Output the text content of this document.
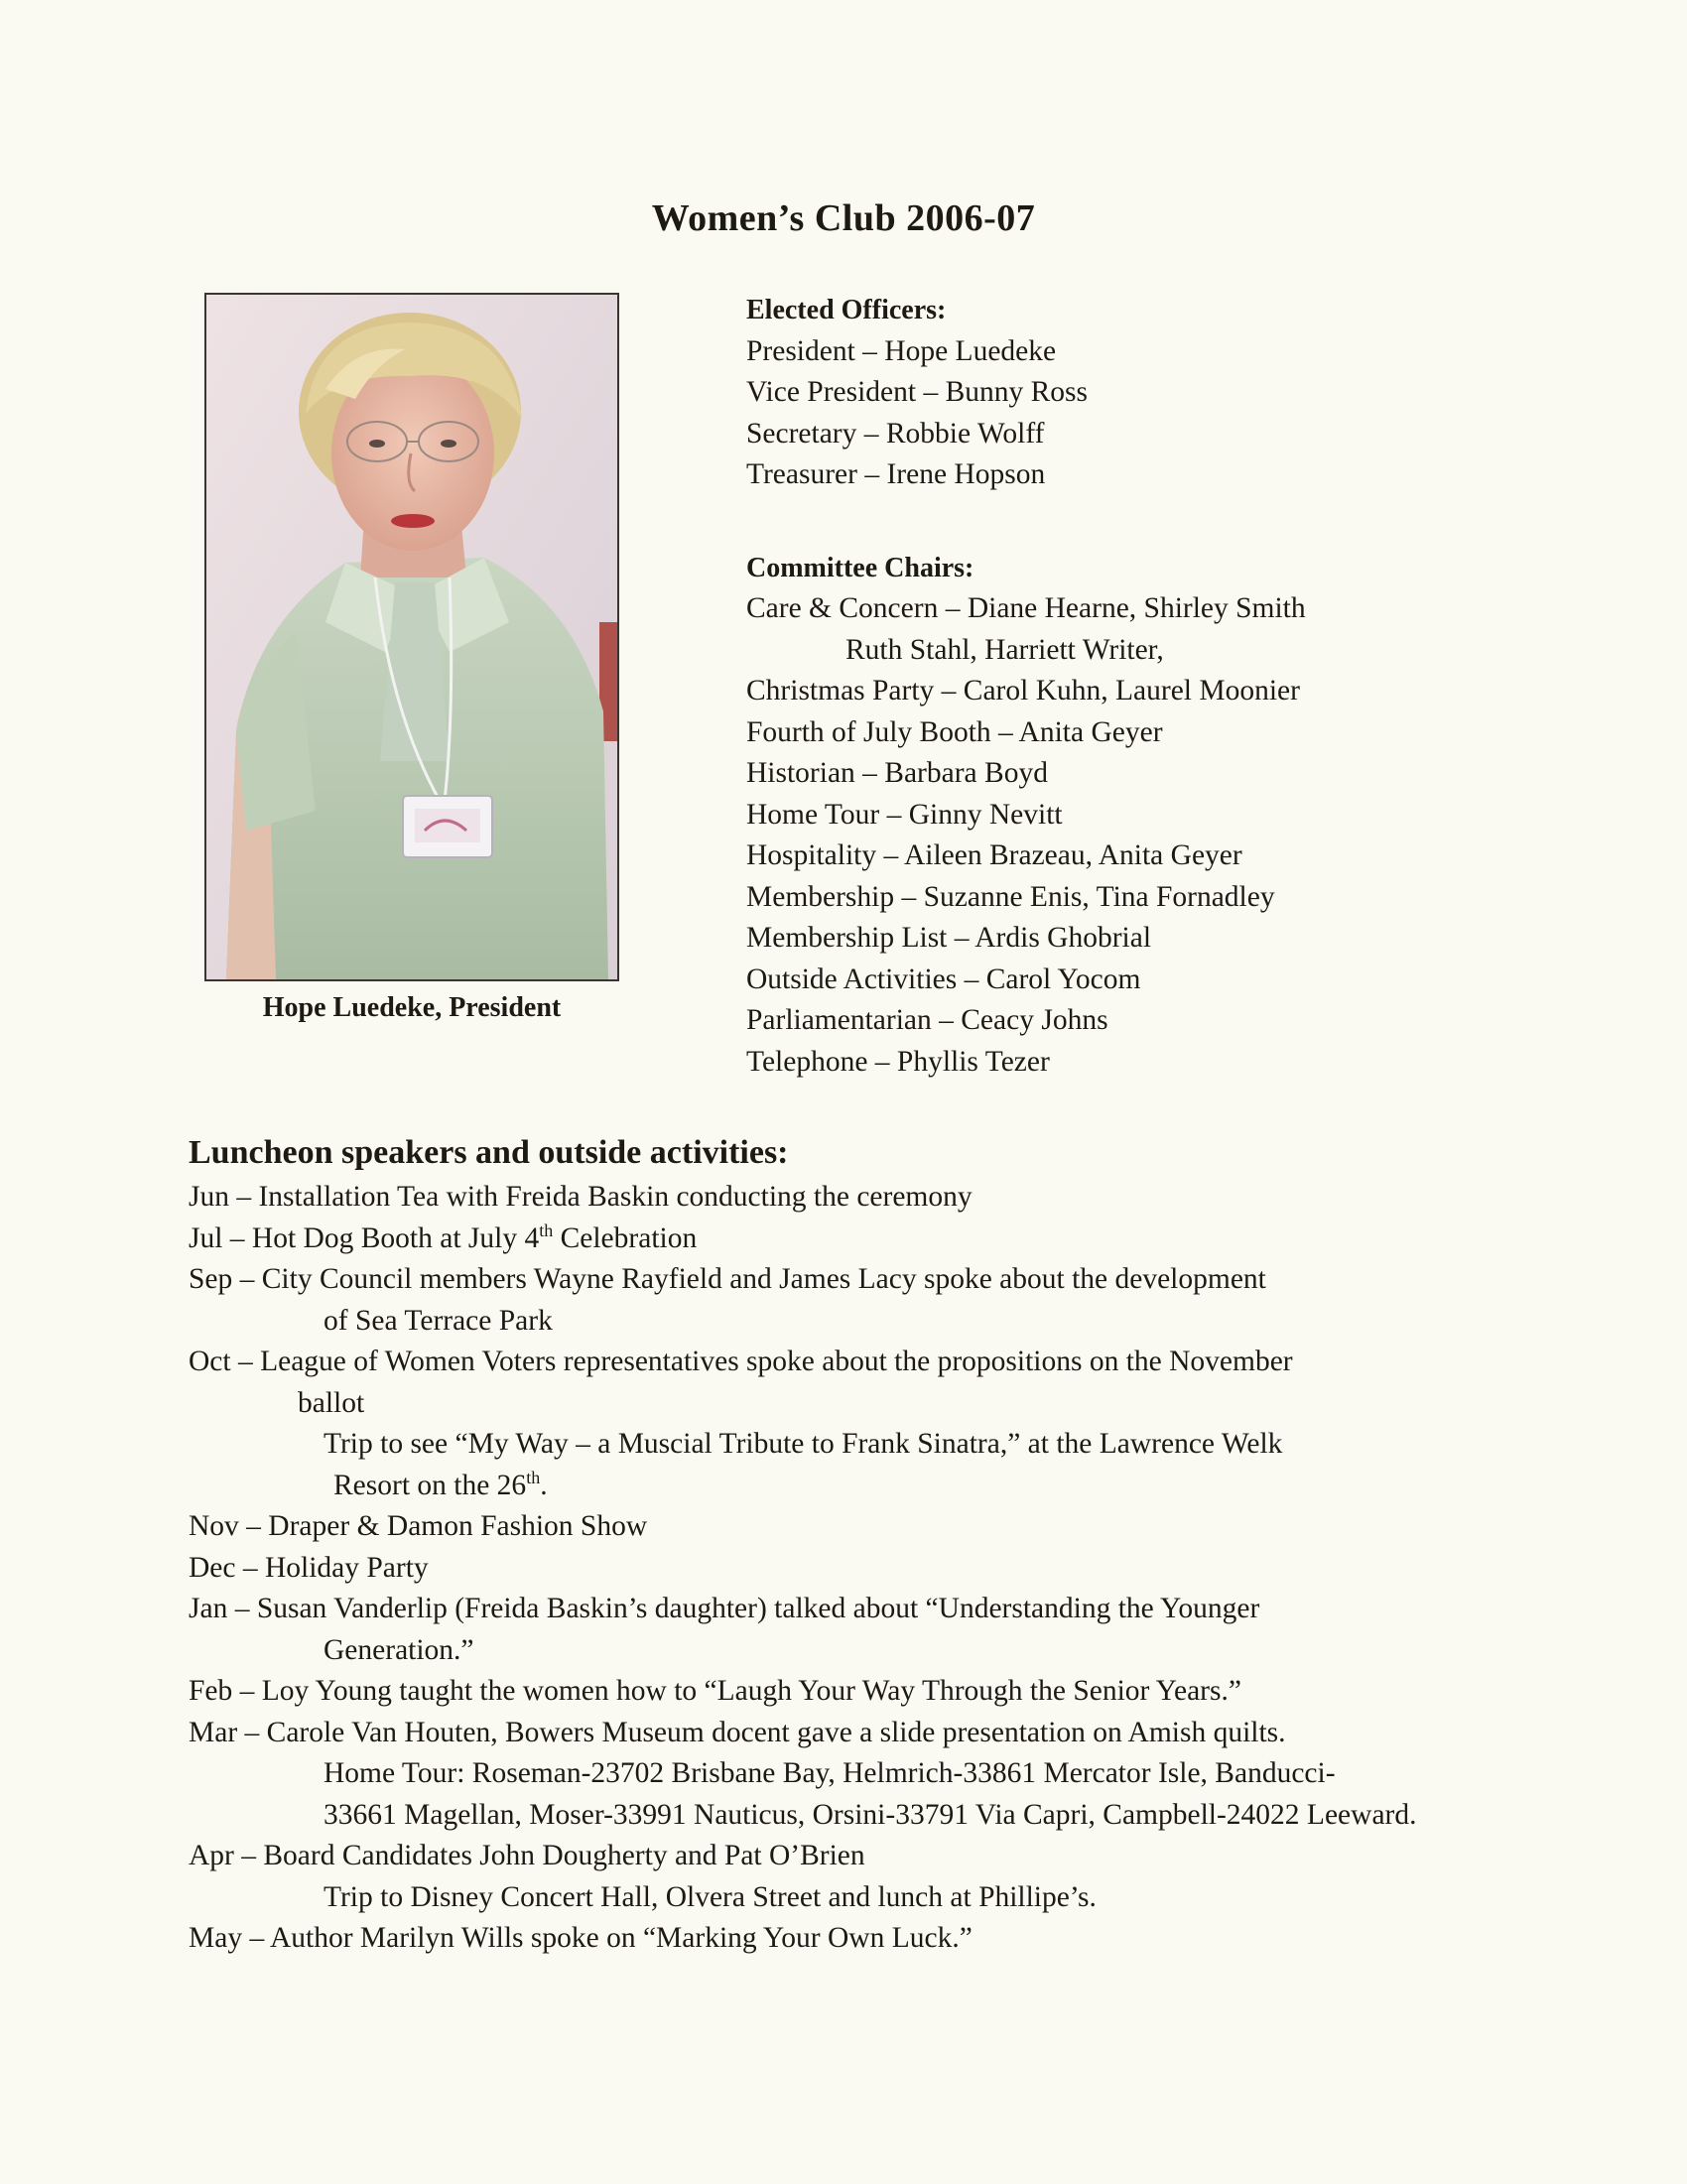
Women’s Club 2006-07
Hope Luedeke, President
Elected Officers:
President – Hope Luedeke
Vice President – Bunny Ross
Secretary – Robbie Wolff
Treasurer – Irene Hopson
Committee Chairs:
Care & Concern – Diane Hearne, Shirley Smith
Ruth Stahl, Harriett Writer,
Christmas Party – Carol Kuhn, Laurel Moonier
Fourth of July Booth – Anita Geyer
Historian – Barbara Boyd
Home Tour – Ginny Nevitt
Hospitality – Aileen Brazeau, Anita Geyer
Membership – Suzanne Enis, Tina Fornadley
Membership List – Ardis Ghobrial
Outside Activities – Carol Yocom
Parliamentarian – Ceacy Johns
Telephone – Phyllis Tezer
Luncheon speakers and outside activities:
Jun – Installation Tea with Freida Baskin conducting the ceremony
Jul – Hot Dog Booth at July 4th Celebration
Sep – City Council members Wayne Rayfield and James Lacy spoke about the development
of Sea Terrace Park
Oct – League of Women Voters representatives spoke about the propositions on the November
ballot
Trip to see “My Way – a Muscial Tribute to Frank Sinatra,” at the Lawrence Welk
Resort on the 26th.
Nov – Draper & Damon Fashion Show
Dec – Holiday Party
Jan – Susan Vanderlip (Freida Baskin’s daughter) talked about “Understanding the Younger
Generation.”
Feb – Loy Young taught the women how to “Laugh Your Way Through the Senior Years.”
Mar – Carole Van Houten, Bowers Museum docent gave a slide presentation on Amish quilts.
Home Tour: Roseman-23702 Brisbane Bay, Helmrich-33861 Mercator Isle, Banducci-
33661 Magellan, Moser-33991 Nauticus, Orsini-33791 Via Capri, Campbell-24022 Leeward.
Apr – Board Candidates John Dougherty and Pat O’Brien
Trip to Disney Concert Hall, Olvera Street and lunch at Phillipe’s.
May – Author Marilyn Wills spoke on “Marking Your Own Luck.”
